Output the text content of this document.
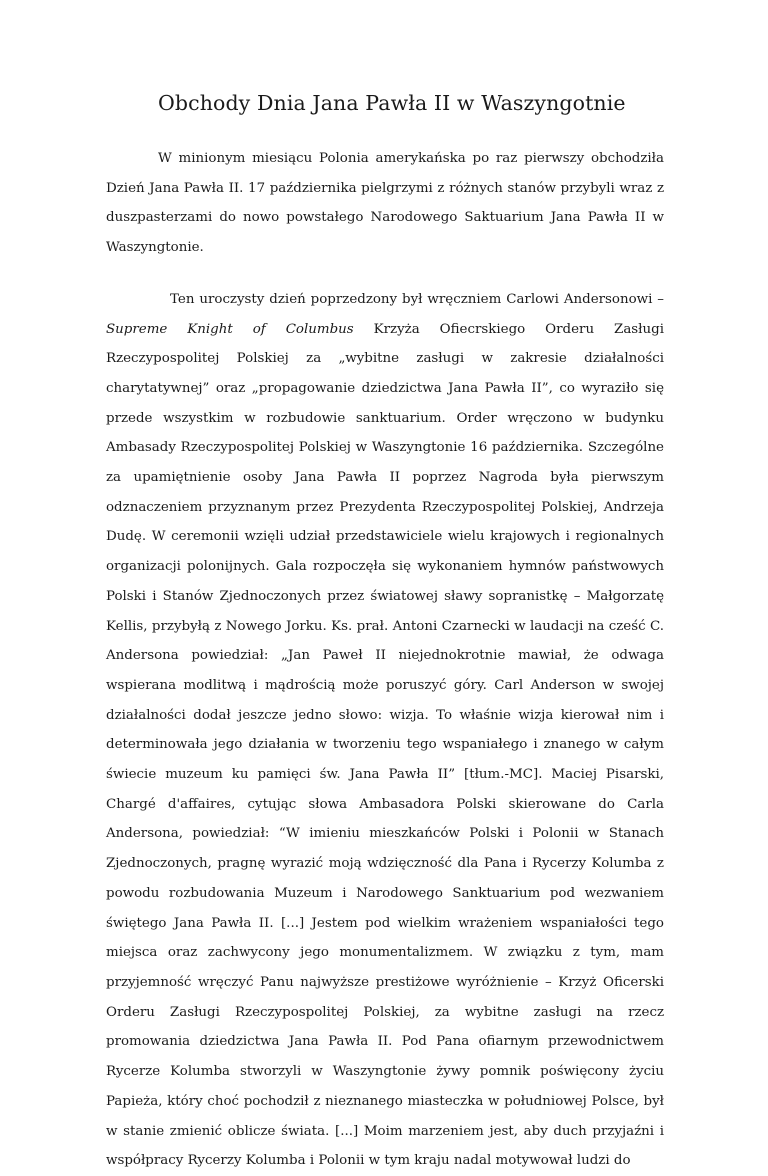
Obchody Dnia Jana Pawła II w Waszyngotnie

W minionym miesiącu Polonia amerykańska po raz pierwszy obchodziła Dzień Jana Pawła II. 17 października pielgrzymi z różnych stanów przybyli wraz z duszpasterzami do nowo powstałego Narodowego Saktuarium Jana Pawła II w Waszyngtonie.

Ten uroczysty dzień poprzedzony był wręczniem Carlowi Andersonowi – Supreme Knight of Columbus Krzyża Ofiecrskiego Orderu Zasługi Rzeczypospolitej Polskiej za „wybitne zasługi w zakresie działalności charytatywnej” oraz „propagowanie dziedzictwa Jana Pawła II”, co wyraziło się przede wszystkim w rozbudowie sanktuarium. Order wręczono w budynku Ambasady Rzeczypospolitej Polskiej w Waszyngtonie 16 października. Szczególne za upamiętnienie osoby Jana Pawła II poprzez Nagroda była pierwszym odznaczeniem przyznanym przez Prezydenta Rzeczypospolitej Polskiej, Andrzeja Dudę. W ceremonii wzięli udział przedstawiciele wielu krajowych i regionalnych organizacji polonijnych. Gala rozpoczęła się wykonaniem hymnów państwowych Polski i Stanów Zjednoczonych przez światowej sławy sopranistkę – Małgorzatę Kellis, przybyłą z Nowego Jorku. Ks. prał. Antoni Czarnecki w laudacji na cześć C. Andersona powiedział: „Jan Paweł II niejednokrotnie mawiał, że odwaga wspierana modlitwą i mądrością może poruszyć góry. Carl Anderson w swojej działalności dodał jeszcze jedno słowo: wizja. To właśnie wizja kierował nim i determinowała jego działania w tworzeniu tego wspaniałego i znanego w całym świecie muzeum ku pamięci św. Jana Pawła II” [tłum.-MC]. Maciej Pisarski, Chargé d'affaires, cytując słowa Ambasadora Polski skierowane do Carla Andersona, powiedział: “W imieniu mieszkańców Polski i Polonii w Stanach Zjednoczonych, pragnę wyrazić moją wdzięczność dla Pana i Rycerzy Kolumba z powodu rozbudowania Muzeum i Narodowego Sanktuarium pod wezwaniem świętego Jana Pawła II. [...] Jestem pod wielkim wrażeniem wspaniałości tego miejsca oraz zachwycony jego monumentalizmem. W związku z tym, mam przyjemność wręczyć Panu najwyższe prestiżowe wyróżnienie – Krzyż Oficerski Orderu Zasługi Rzeczypospolitej Polskiej, za wybitne zasługi na rzecz promowania dziedzictwa Jana Pawła II. Pod Pana ofiarnym przewodnictwem Rycerze Kolumba stworzyli w Waszyngtonie żywy pomnik poświęcony życiu Papieża, który choć pochodził z nieznanego miasteczka w południowej Polsce, był w stanie zmienić oblicze świata. [...] Moim marzeniem jest, aby duch przyjaźni i współpracy Rycerzy Kolumba i Polonii w tym kraju nadal motywował ludzi do
